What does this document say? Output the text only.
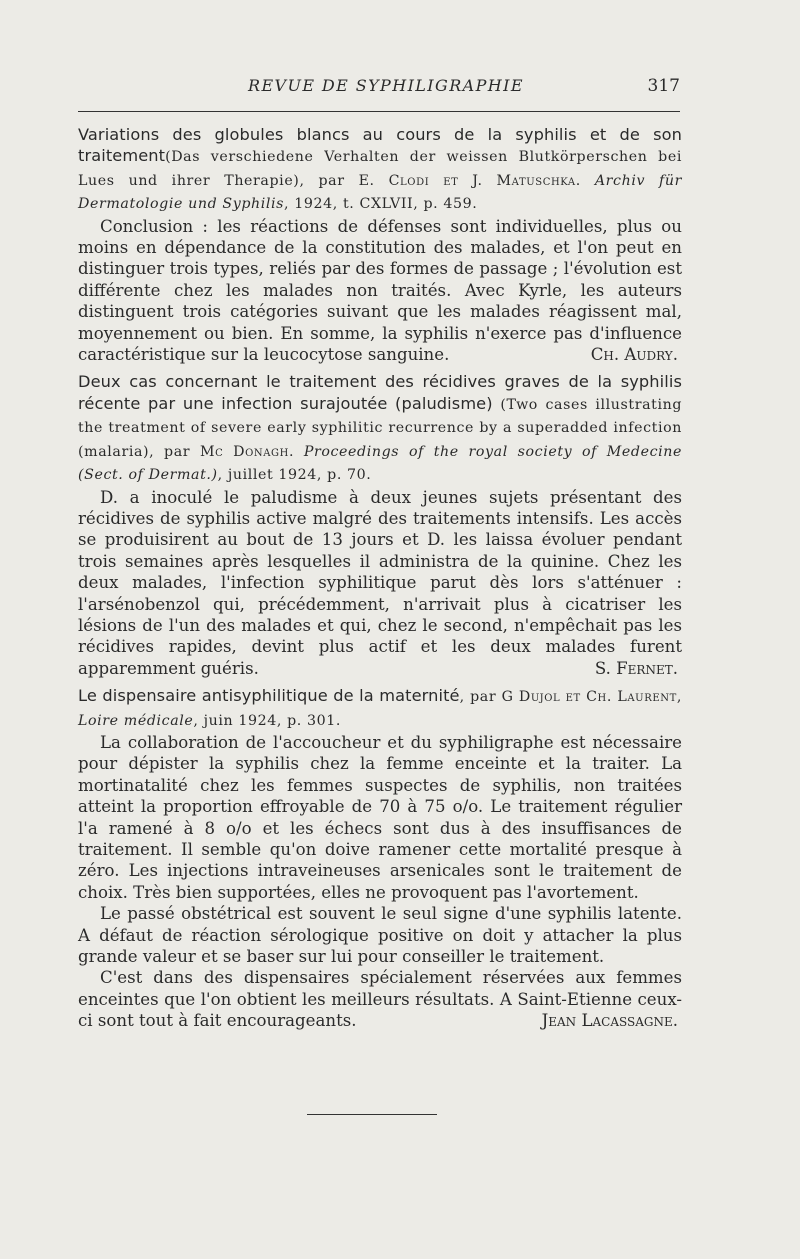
REVUE DE SYPHILIGRAPHIE	317

Variations des globules blancs au cours de la syphilis et de son traitement(Das verschiedene Verhalten der weissen Blutkörperschen bei Lues und ihrer Therapie), par E. Clodi et J. Matuschka. Archiv für Dermatologie und Syphilis, 1924, t. CXLVII, p. 459.

Conclusion : les réactions de défenses sont individuelles, plus ou moins en dépendance de la constitution des malades, et l'on peut en distinguer trois types, reliés par des formes de passage ; l'évolution est différente chez les malades non traités. Avec Kyrle, les auteurs distinguent trois catégories suivant que les malades réagissent mal, moyennement ou bien. En somme, la syphilis n'exerce pas d'influence caractéristique sur la leucocytose sanguine.	Ch. Audry.

Deux cas concernant le traitement des récidives graves de la syphilis récente par une infection surajoutée (paludisme) (Two cases illustrating the treatment of severe early syphilitic recurrence by a superadded infection (malaria), par Mc Donagh. Proceedings of the royal society of Medecine (Sect. of Dermat.), juillet 1924, p. 70.

D. a inoculé le paludisme à deux jeunes sujets présentant des récidives de syphilis active malgré des traitements intensifs. Les accès se produisirent au bout de 13 jours et D. les laissa évoluer pendant trois semaines après lesquelles il administra de la quinine. Chez les deux malades, l'infection syphilitique parut dès lors s'atténuer : l'arsénobenzol qui, précédemment, n'arrivait plus à cicatriser les lésions de l'un des malades et qui, chez le second, n'empêchait pas les récidives rapides, devint plus actif et les deux malades furent apparemment guéris.	S. Fernet.

Le dispensaire antisyphilitique de la maternité, par G Dujol et Ch. Laurent, Loire médicale, juin 1924, p. 301.

La collaboration de l'accoucheur et du syphiligraphe est nécessaire pour dépister la syphilis chez la femme enceinte et la traiter. La mortinatalité chez les femmes suspectes de syphilis, non traitées atteint la proportion effroyable de 70 à 75 o/o. Le traitement régulier l'a ramené à 8 o/o et les échecs sont dus à des insuffisances de traitement. Il semble qu'on doive ramener cette mortalité presque à zéro. Les injections intraveineuses arsenicales sont le traitement de choix. Très bien supportées, elles ne provoquent pas l'avortement.

Le passé obstétrical est souvent le seul signe d'une syphilis latente. A défaut de réaction sérologique positive on doit y attacher la plus grande valeur et se baser sur lui pour conseiller le traitement.

C'est dans des dispensaires spécialement réservées aux femmes enceintes que l'on obtient les meilleurs résultats. A Saint-Etienne ceux-ci sont tout à fait encourageants.	Jean Lacassagne.
